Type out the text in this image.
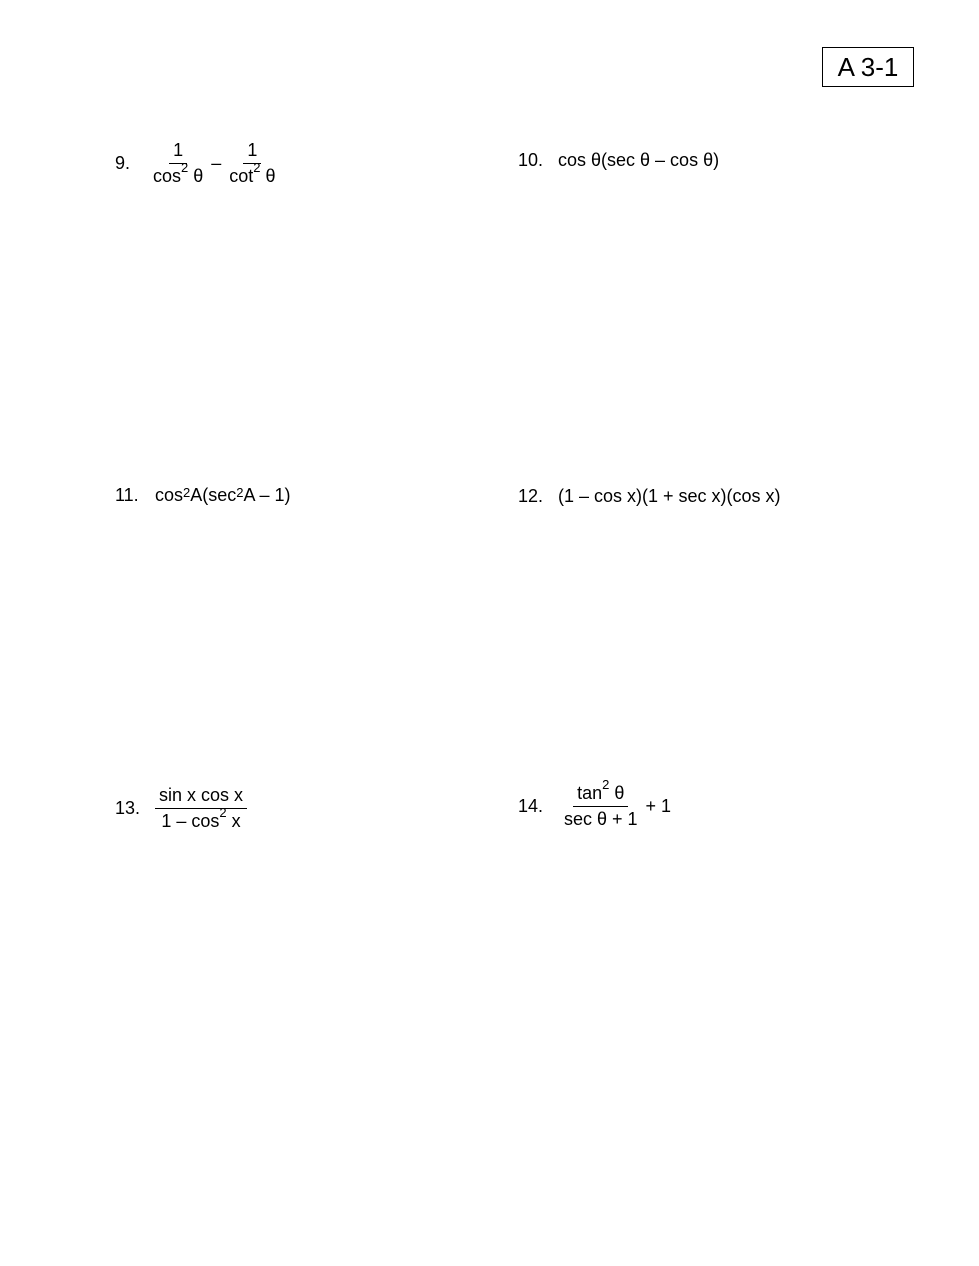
A 3-1
9.	$\frac{1}{\cos^2 \theta} - \frac{1}{\cot^2 \theta}$	10. cos θ(sec θ – cos θ)
11. $\cos^2 A(\sec^2$ A – 1)	12. (1 – cos x)(1 + sec x)(cos x)
13. $\frac{\text{sin x cos x}}{1 - \cos^2 x}$	14. $\frac{\tan^2 \theta}{\text{sec θ + 1}} + 1$
